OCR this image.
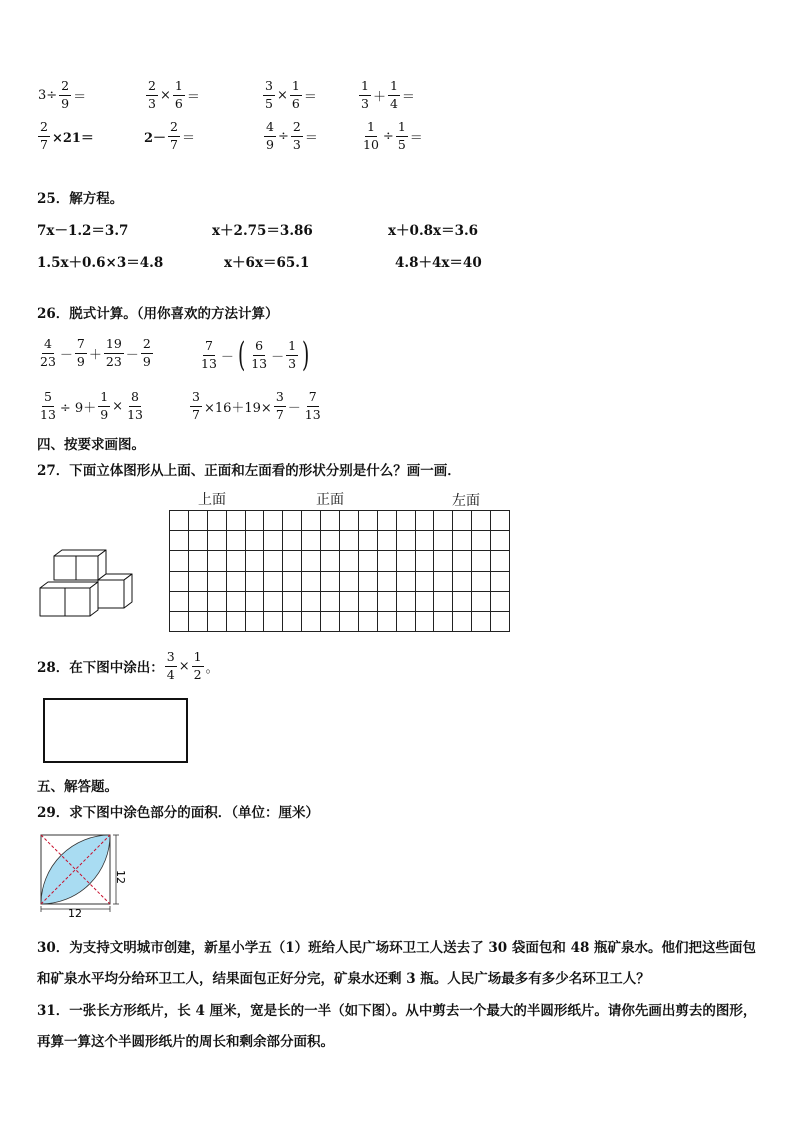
$3\div \frac{2}{9}$ ＝	$\frac{2}{3} \times \frac{1}{6}$ ＝	$\frac{3}{5} \times \frac{1}{6}$ ＝	$\frac{1}{3} + \frac{1}{4}$ ＝
$\frac{2}{7} \times 21=$	$2- \frac{2}{7}$ ＝	$\frac{4}{9} \div \frac{2}{3}$ ＝	$\frac{1}{10} \div \frac{1}{5}$ ＝
25．解方程。
7x－1.2＝3.7	x＋2.75＝3.86	x＋0.8x＝3.6
1.5x＋0.6×3＝4.8	x＋6x＝65.1	4.8＋4x＝40
26．脱式计算。（用你喜欢的方法计算）
$\frac{4}{23} - \frac{7}{9} + \frac{19}{23} - \frac{2}{9}$	$\frac{7}{13}$ － ( $\frac{6}{13} - \frac{1}{3}$ )
$\frac{5}{13} \div 9+ \frac{1}{9} \times \frac{8}{13}$	$\frac{3}{7} \times 16+19\times \frac{3}{7} - \frac{7}{13}$
四、按要求画图。
27．下面立体图形从上面、正面和左面看的形状分别是什么？画一画．
上面	正面	左面
28．在下图中涂出： $\frac{3}{4} \times \frac{1}{2}$ 。
五、解答题。
29．求下图中涂色部分的面积．（单位：厘米）
12
12
30．为支持文明城市创建，新星小学五（1）班给人民广场环卫工人送去了 30 袋面包和 48 瓶矿泉水。他们把这些面包
和矿泉水平均分给环卫工人，结果面包正好分完，矿泉水还剩 3 瓶。人民广场最多有多少名环卫工人？
31．一张长方形纸片，长 4 厘米，宽是长的一半（如下图）。从中剪去一个最大的半圆形纸片。请你先画出剪去的图形，
再算一算这个半圆形纸片的周长和剩余部分面积。
